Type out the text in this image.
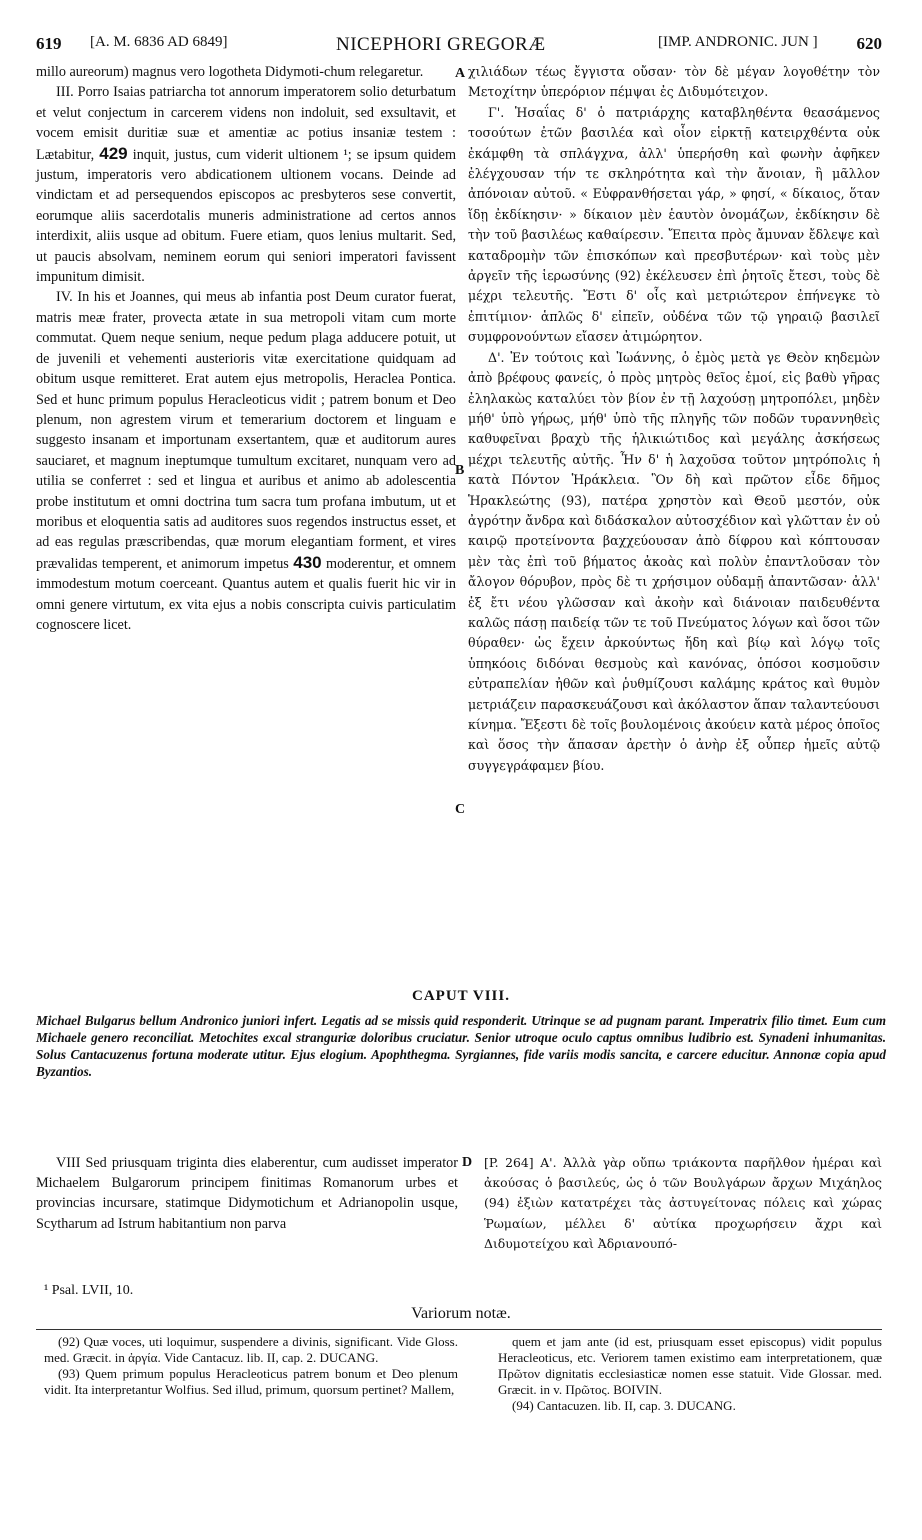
619 [A. M. 6836 AD 6849]	NICEPHORI GREGORÆ	[IMP. ANDRONIC. JUN ] 620
A
B
C
D

millo aureorum) magnus vero logotheta Didymoti-chum relegaretur.

III. Porro Isaias patriarcha tot annorum imperatorem solio deturbatum et velut conjectum in carcerem videns non indoluit, sed exsultavit, et vocem emisit duritiæ suæ et amentiæ ac potius insaniæ testem : Lætabitur, 429 inquit, justus, cum viderit ultionem ¹; se ipsum quidem justum, imperatoris vero abdicationem ultionem vocans. Deinde ad vindictam et ad persequendos episcopos ac presbyteros sese convertit, eorumque aliis sacerdotalis muneris administratione ad certos annos interdixit, aliis usque ad obitum. Fuere etiam, quos lenius multarit. Sed, ut paucis absolvam, neminem eorum qui seniori imperatori favissent impunitum dimisit.

IV. In his et Joannes, qui meus ab infantia post Deum curator fuerat, matris meæ frater, provecta ætate in sua metropoli vitam cum morte commutat. Quem neque senium, neque pedum plaga adducere potuit, ut de juvenili et vehementi austerioris vitæ exercitatione quidquam ad obitum usque remitteret. Erat autem ejus metropolis, Heraclea Pontica. Sed et hunc primum populus Heracleoticus vidit ; patrem bonum et Deo plenum, non agrestem virum et temerarium doctorem et linguam e suggesto insanam et importunam exsertantem, quæ et auditorum aures sauciaret, et magnum ineptumque tumultum excitaret, nunquam vero ad utilia se conferret : sed et lingua et auribus et animo ab adolescentia probe institutum et omni doctrina tum sacra tum profana imbutum, ut et moribus et eloquentia satis ad auditores suos regendos instructus esset, et ad eas regulas præscribendas, quæ morum elegantiam forment, et vires prævalidas temperent, et animorum impetus 430 moderentur, et omnem immodestum motum coerceant. Quantus autem et qualis fuerit hic vir in omni genere virtutum, ex vita ejus a nobis conscripta cuivis particulatim cognoscere licet.

χιλιάδων τέως ἔγγιστα οὔσαν· τὸν δὲ μέγαν λογοθέτην τὸν Μετοχίτην ὑπερόριον πέμψαι ἐς Διδυμότειχον.

Γ'. Ἡσαΐας δ' ὁ πατριάρχης καταβληθέντα θεασάμενος τοσούτων ἐτῶν βασιλέα καὶ οἷον εἱρκτῇ κατειρχθέντα οὐκ ἐκάμφθη τὰ σπλάγχνα, ἀλλ' ὑπερήσθη καὶ φωνὴν ἀφῆκεν ἐλέγχουσαν τήν τε σκληρότητα καὶ τὴν ἄνοιαν, ἢ μᾶλλον ἀπόνοιαν αὐτοῦ. « Εὐφρανθήσεται γάρ, » φησί, « δίκαιος, ὅταν ἴδῃ ἐκδίκησιν· » δίκαιον μὲν ἑαυτὸν ὀνομάζων, ἐκδίκησιν δὲ τὴν τοῦ βασιλέως καθαίρεσιν. Ἔπειτα πρὸς ἄμυναν ἔδλεψε καὶ καταδρομὴν τῶν ἐπισκόπων καὶ πρεσβυτέρων· καὶ τοὺς μὲν ἀργεῖν τῆς ἱερωσύνης (92) ἐκέλευσεν ἐπὶ ῥητοῖς ἔτεσι, τοὺς δὲ μέχρι τελευτῆς. Ἔστι δ' οἷς καὶ μετριώτερον ἐπήνεγκε τὸ ἐπιτίμιον· ἁπλῶς δ' εἰπεῖν, οὐδένα τῶν τῷ γηραιῷ βασιλεῖ συμφρονούντων εἴασεν ἀτιμώρητον.

Δ'. Ἐν τούτοις καὶ Ἰωάννης, ὁ ἐμὸς μετὰ γε Θεὸν κηδεμὼν ἀπὸ βρέφους φανείς, ὁ πρὸς μητρὸς θεῖος ἐμοί, εἰς βαθὺ γῆρας ἐληλακὼς καταλύει τὸν βίον ἐν τῇ λαχούσῃ μητροπόλει, μηδὲν μήθ' ὑπὸ γήρως, μήθ' ὑπὸ τῆς πληγῆς τῶν ποδῶν τυραννηθεὶς καθυφεῖναι βραχὺ τῆς ἡλικιώτιδος καὶ μεγάλης ἀσκήσεως μέχρι τελευτῆς αὐτῆς. Ἦν δ' ἡ λαχοῦσα τοῦτον μητρόπολις ἡ κατὰ Πόντον Ἡράκλεια. Ὃν δὴ καὶ πρῶτον εἶδε δῆμος Ἡρακλεώτης (93), πατέρα χρηστὸν καὶ Θεοῦ μεστόν, οὐκ ἀγρότην ἄνδρα καὶ διδάσκαλον αὐτοσχέδιον καὶ γλῶτταν ἐν οὐ καιρῷ προτείνοντα βαχχεύουσαν ἀπὸ δίφρου καὶ κόπτουσαν μὲν τὰς ἐπὶ τοῦ βήματος ἀκοὰς καὶ πολὺν ἐπαντλοῦσαν τὸν ἄλογον θόρυβον, πρὸς δὲ τι χρήσιμον οὐδαμῇ ἀπαντῶσαν· ἀλλ' ἐξ ἔτι νέου γλῶσσαν καὶ ἀκοὴν καὶ διάνοιαν παιδευθέντα καλῶς πάσῃ παιδείᾳ τῶν τε τοῦ Πνεύματος λόγων καὶ ὅσοι τῶν θύραθεν· ὡς ἔχειν ἀρκούντως ἤδη καὶ βίῳ καὶ λόγῳ τοῖς ὑπηκόοις διδόναι θεσμοὺς καὶ κανόνας, ὁπόσοι κοσμοῦσιν εὐτραπελίαν ἠθῶν καὶ ῥυθμίζουσι καλάμης κράτος καὶ θυμὸν μετριάζειν παρασκευάζουσι καὶ ἀκόλαστον ἅπαν ταλαντεύουσι κίνημα. Ἔξεστι δὲ τοῖς βουλομένοις ἀκούειν κατὰ μέρος ὁποῖος καὶ ὅσος τὴν ἅπασαν ἀρετὴν ὁ ἀνὴρ ἐξ οὗπερ ἡμεῖς αὐτῷ συγγεγράφαμεν βίου.

CAPUT VIII.
Michael Bulgarus bellum Andronico juniori infert. Legatis ad se missis quid responderit. Utrinque se ad pugnam parant. Imperatrix filio timet. Eum cum Michaele genero reconciliat. Metochites excal stranguriæ doloribus cruciatur. Senior utroque oculo captus omnibus ludibrio est. Synadeni inhumanitas. Solus Cantacuzenus fortuna moderate utitur. Ejus elogium. Apophthegma. Syrgiannes, fide variis modis sancita, e carcere educitur. Annonæ copia apud Byzantios.

VIII Sed priusquam triginta dies elaberentur, cum audisset imperator Michaelem Bulgarorum principem finitimas Romanorum urbes et provincias incursare, statimque Didymotichum et Adrianopolin usque, Scytharum ad Istrum habitantium non parva

[P. 264] Α'. Ἀλλὰ γὰρ οὔπω τριάκοντα παρῆλθον ἡμέραι καὶ ἀκούσας ὁ βασιλεύς, ὡς ὁ τῶν Βουλγάρων ἄρχων Μιχάηλος (94) ἐξιὼν κατατρέχει τὰς ἀστυγείτονας πόλεις καὶ χώρας Ῥωμαίων, μέλλει δ' αὐτίκα προχωρήσειν ἄχρι καὶ Διδυμοτείχου καὶ Ἀδριανουπό-
¹ Psal. LVII, 10.
Variorum notæ.

(92) Quæ voces, uti loquimur, suspendere a divinis, significant. Vide Gloss. med. Græcit. in ἀργία. Vide Cantacuz. lib. II, cap. 2. DUCANG.

(93) Quem primum populus Heracleoticus patrem bonum et Deo plenum vidit. Ita interpretantur Wolfius. Sed illud, primum, quorsum pertinet? Mallem,

quem et jam ante (id est, priusquam esset episcopus) vidit populus Heracleoticus, etc. Veriorem tamen existimo eam interpretationem, quæ Πρῶτον dignitatis ecclesiasticæ nomen esse statuit. Vide Glossar. med. Græcit. in v. Πρῶτος. BOIVIN.

(94) Cantacuzen. lib. II, cap. 3. DUCANG.
